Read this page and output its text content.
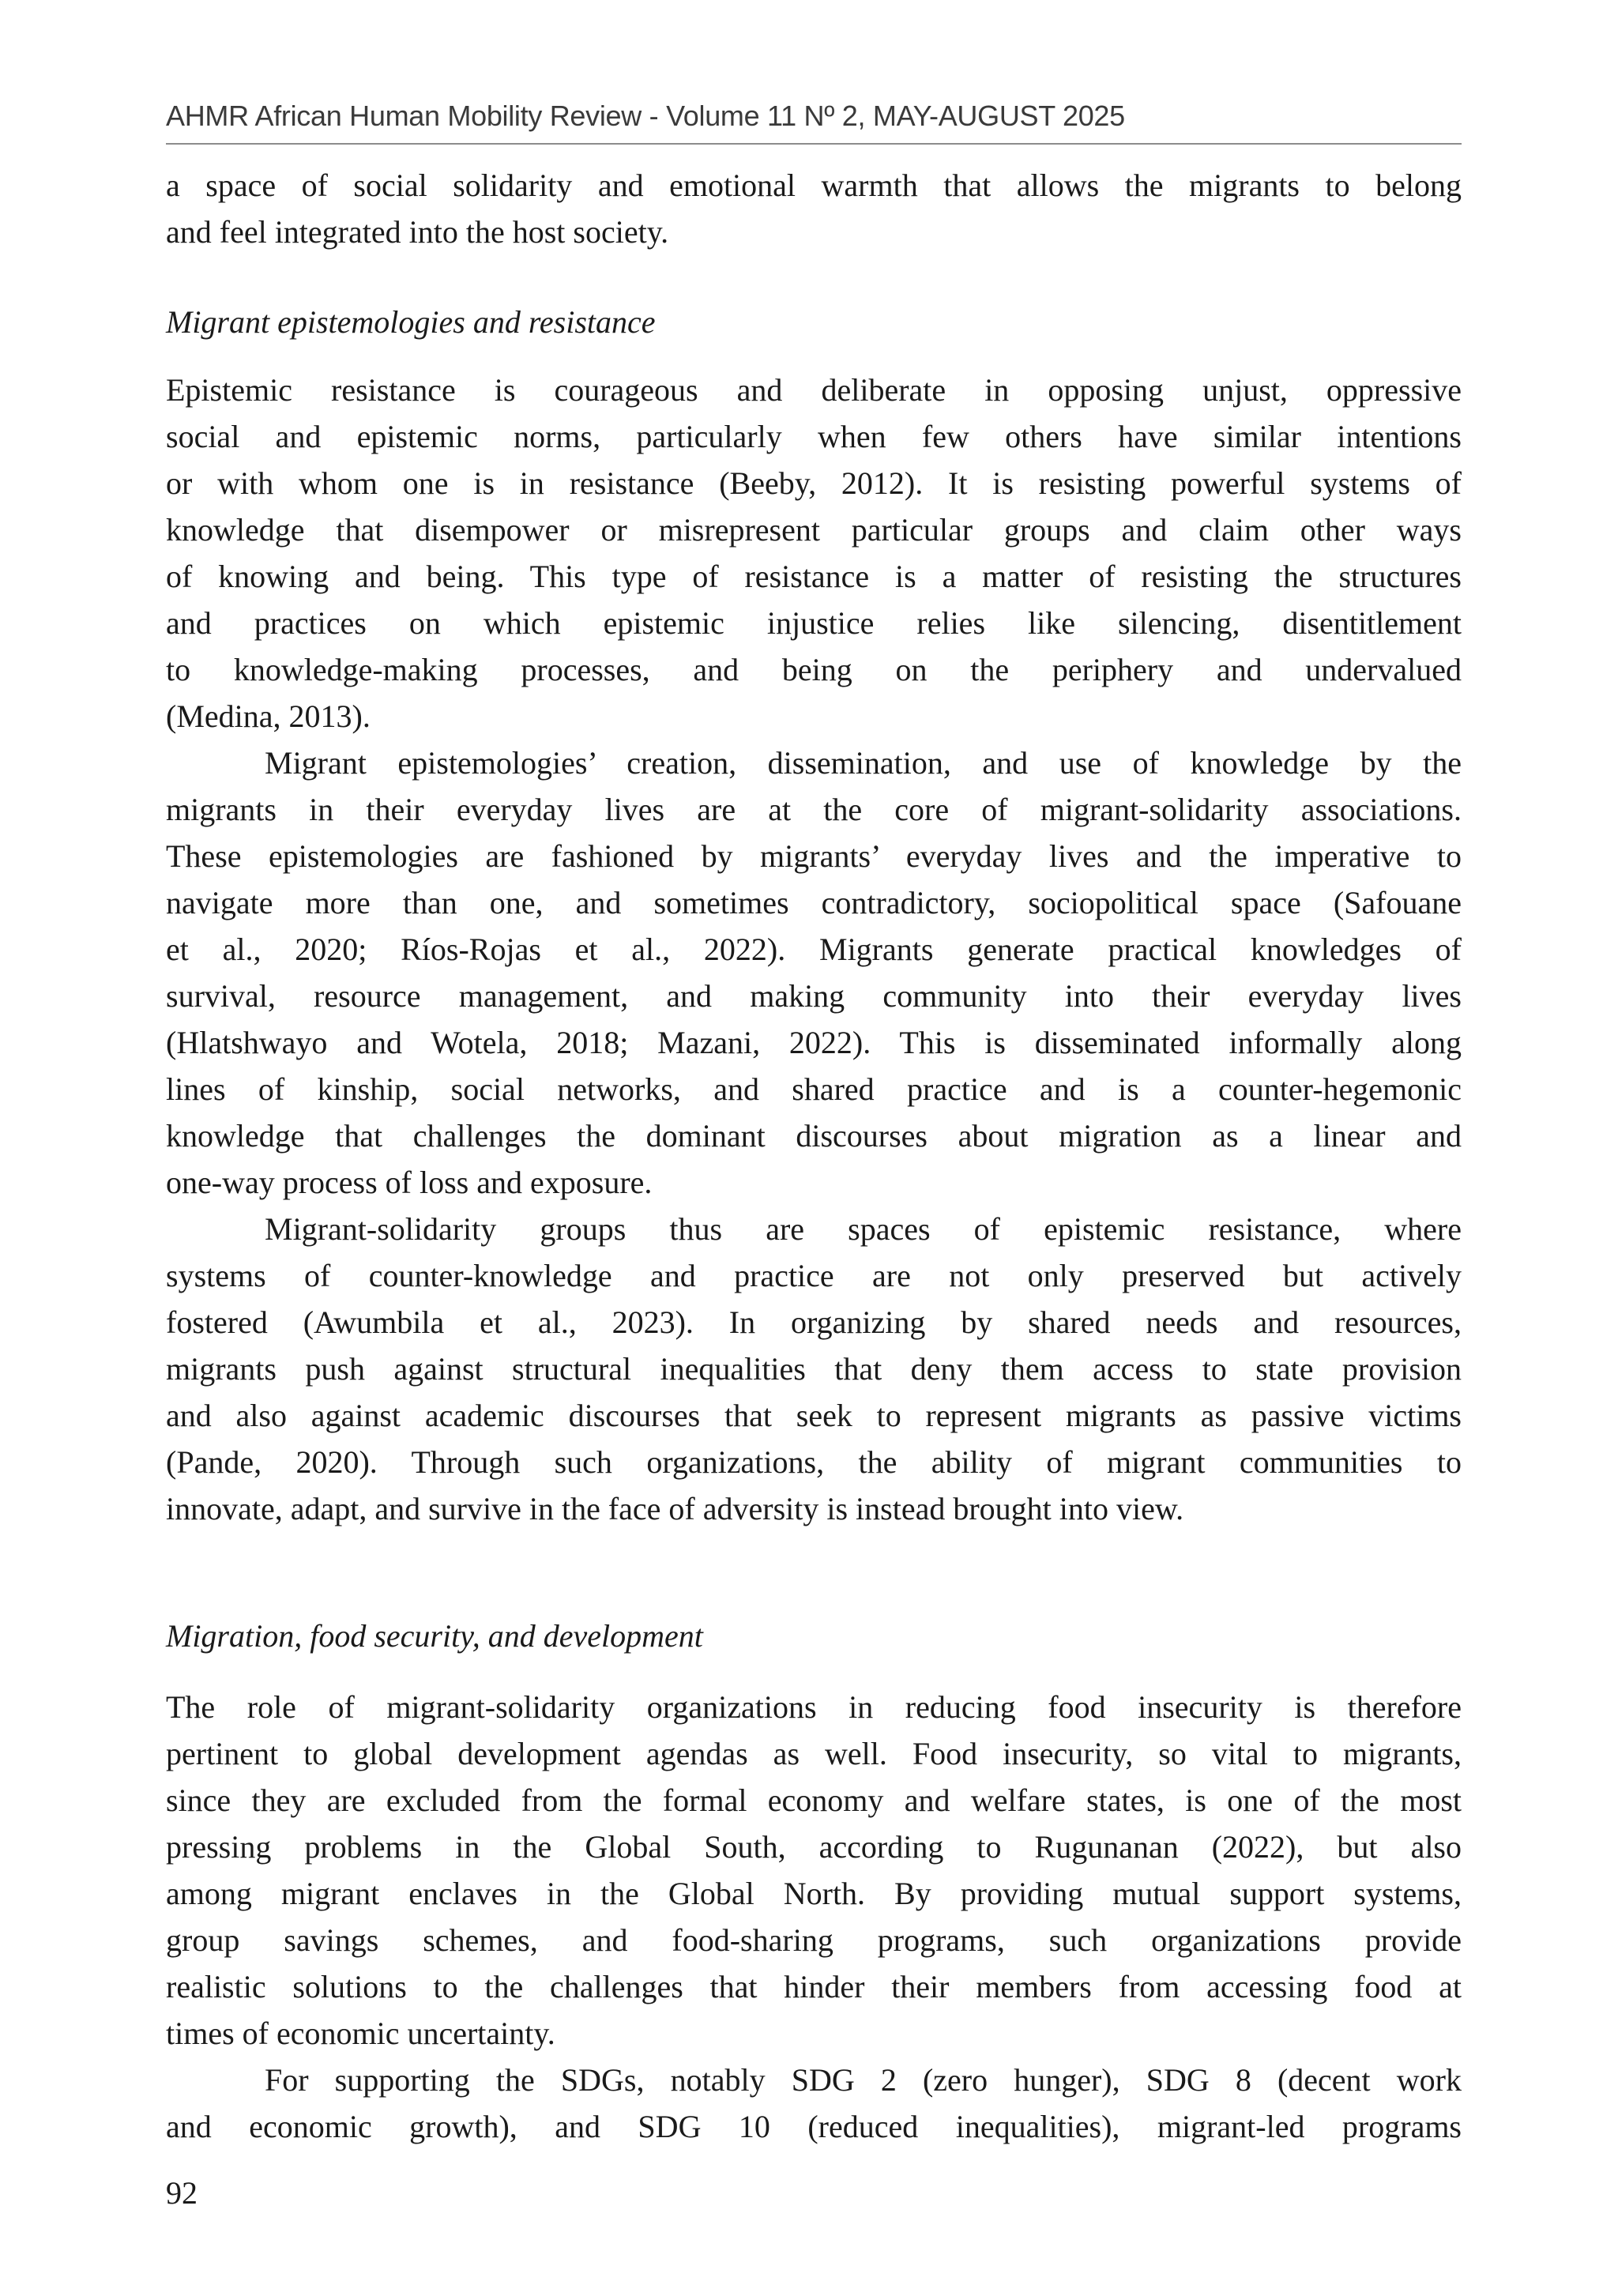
AHMR African Human Mobility Review - Volume 11 Nº 2, MAY-AUGUST 2025
a space of social solidarity and emotional warmth that allows the migrants to belong
and feel integrated into the host society.
Migrant epistemologies and resistance
Epistemic resistance is courageous and deliberate in opposing unjust, oppressive
social and epistemic norms, particularly when few others have similar intentions
or with whom one is in resistance (Beeby, 2012). It is resisting powerful systems of
knowledge that disempower or misrepresent particular groups and claim other ways
of knowing and being. This type of resistance is a matter of resisting the structures
and practices on which epistemic injustice relies like silencing, disentitlement
to knowledge-making processes, and being on the periphery and undervalued
(Medina, 2013).
Migrant epistemologies’ creation, dissemination, and use of knowledge by the
migrants in their everyday lives are at the core of migrant-solidarity associations.
These epistemologies are fashioned by migrants’ everyday lives and the imperative to
navigate more than one, and sometimes contradictory, sociopolitical space (Safouane
et al., 2020; Ríos-Rojas et al., 2022). Migrants generate practical knowledges of
survival, resource management, and making community into their everyday lives
(Hlatshwayo and Wotela, 2018; Mazani, 2022). This is disseminated informally along
lines of kinship, social networks, and shared practice and is a counter-hegemonic
knowledge that challenges the dominant discourses about migration as a linear and
one-way process of loss and exposure.
Migrant-solidarity groups thus are spaces of epistemic resistance, where
systems of counter-knowledge and practice are not only preserved but actively
fostered (Awumbila et al., 2023). In organizing by shared needs and resources,
migrants push against structural inequalities that deny them access to state provision
and also against academic discourses that seek to represent migrants as passive victims
(Pande, 2020). Through such organizations, the ability of migrant communities to
innovate, adapt, and survive in the face of adversity is instead brought into view.
Migration, food security, and development
The role of migrant-solidarity organizations in reducing food insecurity is therefore
pertinent to global development agendas as well. Food insecurity, so vital to migrants,
since they are excluded from the formal economy and welfare states, is one of the most
pressing problems in the Global South, according to Rugunanan (2022), but also
among migrant enclaves in the Global North. By providing mutual support systems,
group savings schemes, and food-sharing programs, such organizations provide
realistic solutions to the challenges that hinder their members from accessing food at
times of economic uncertainty.
For supporting the SDGs, notably SDG 2 (zero hunger), SDG 8 (decent work
and economic growth), and SDG 10 (reduced inequalities), migrant-led programs
92
